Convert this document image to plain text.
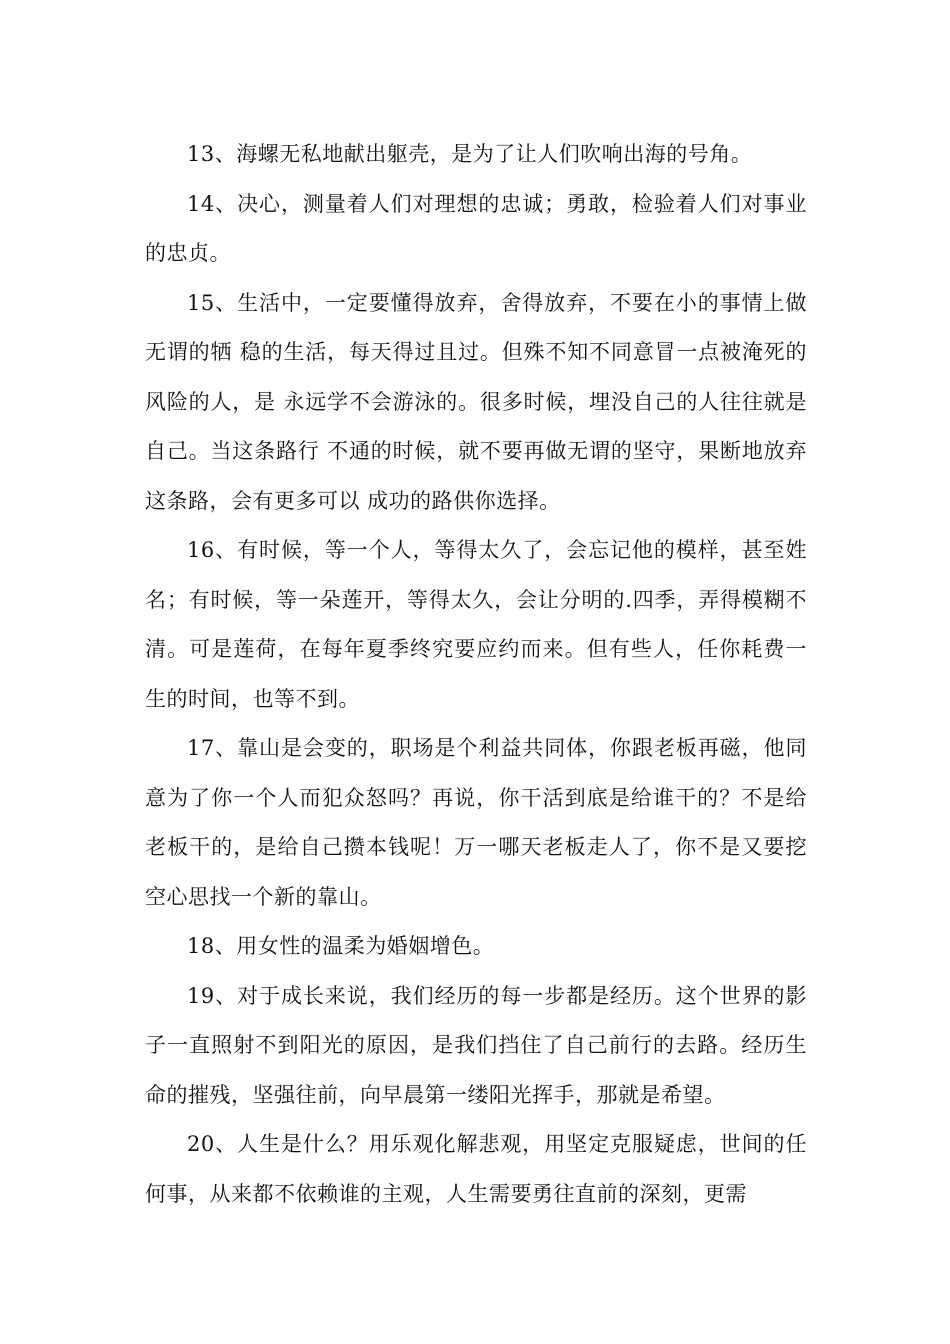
13、海螺无私地献出躯壳，是为了让人们吹响出海的号角。

14、决心，测量着人们对理想的忠诚；勇敢，检验着人们对事业的忠贞。

15、生活中，一定要懂得放弃，舍得放弃，不要在小的事情上做无谓的牺 稳的生活，每天得过且过。但殊不知不同意冒一点被淹死的风险的人，是 永远学不会游泳的。很多时候，埋没自己的人往往就是自己。当这条路行 不通的时候，就不要再做无谓的坚守，果断地放弃这条路，会有更多可以 成功的路供你选择。

16、有时候，等一个人，等得太久了，会忘记他的模样，甚至姓名；有时候，等一朵莲开，等得太久，会让分明的.四季，弄得模糊不清。可是莲荷，在每年夏季终究要应约而来。但有些人，任你耗费一生的时间，也等不到。

17、靠山是会变的，职场是个利益共同体，你跟老板再磁，他同意为了你一个人而犯众怒吗？再说，你干活到底是给谁干的？不是给老板干的，是给自己攒本钱呢！万一哪天老板走人了，你不是又要挖空心思找一个新的靠山。

18、用女性的温柔为婚姻增色。

19、对于成长来说，我们经历的每一步都是经历。这个世界的影子一直照射不到阳光的原因，是我们挡住了自己前行的去路。经历生命的摧残，坚强往前，向早晨第一缕阳光挥手，那就是希望。

20、人生是什么？用乐观化解悲观，用坚定克服疑虑，世间的任何事，从来都不依赖谁的主观，人生需要勇往直前的深刻，更需
